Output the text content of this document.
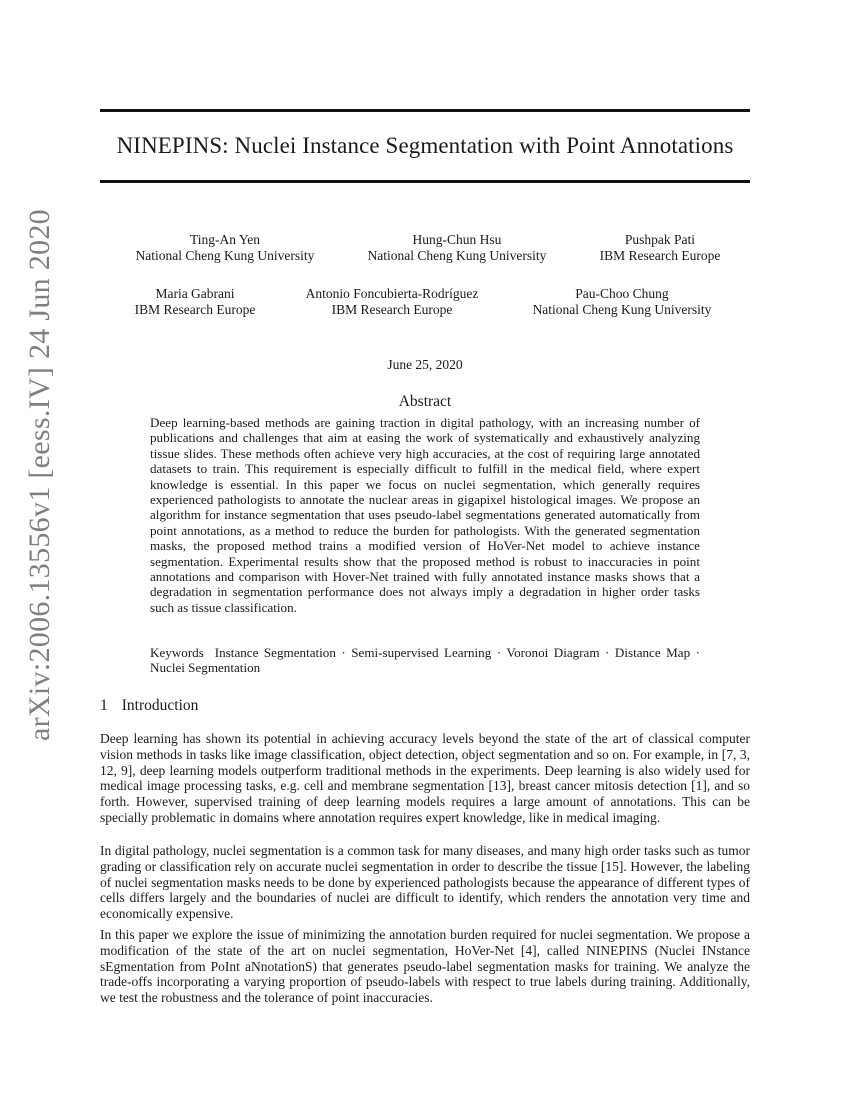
arXiv:2006.13556v1 [eess.IV] 24 Jun 2020
NINEPINS: Nuclei Instance Segmentation with Point Annotations
Ting-An Yen
National Cheng Kung University
Hung-Chun Hsu
National Cheng Kung University
Pushpak Pati
IBM Research Europe
Maria Gabrani
IBM Research Europe
Antonio Foncubierta-Rodríguez
IBM Research Europe
Pau-Choo Chung
National Cheng Kung University
June 25, 2020
Abstract

Deep learning-based methods are gaining traction in digital pathology, with an increasing number of publications and challenges that aim at easing the work of systematically and exhaustively analyzing tissue slides. These methods often achieve very high accuracies, at the cost of requiring large annotated datasets to train. This requirement is especially difficult to fulfill in the medical field, where expert knowledge is essential. In this paper we focus on nuclei segmentation, which generally requires experienced pathologists to annotate the nuclear areas in gigapixel histological images. We propose an algorithm for instance segmentation that uses pseudo-label segmentations generated automatically from point annotations, as a method to reduce the burden for pathologists. With the generated segmentation masks, the proposed method trains a modified version of HoVer-Net model to achieve instance segmentation. Experimental results show that the proposed method is robust to inaccuracies in point annotations and comparison with Hover-Net trained with fully annotated instance masks shows that a degradation in segmentation performance does not always imply a degradation in higher order tasks such as tissue classification.

Keywords Instance Segmentation · Semi-supervised Learning · Voronoi Diagram · Distance Map · Nuclei Segmentation

1 Introduction

Deep learning has shown its potential in achieving accuracy levels beyond the state of the art of classical computer vision methods in tasks like image classification, object detection, object segmentation and so on. For example, in [7, 3, 12, 9], deep learning models outperform traditional methods in the experiments. Deep learning is also widely used for medical image processing tasks, e.g. cell and membrane segmentation [13], breast cancer mitosis detection [1], and so forth. However, supervised training of deep learning models requires a large amount of annotations. This can be specially problematic in domains where annotation requires expert knowledge, like in medical imaging.

In digital pathology, nuclei segmentation is a common task for many diseases, and many high order tasks such as tumor grading or classification rely on accurate nuclei segmentation in order to describe the tissue [15]. However, the labeling of nuclei segmentation masks needs to be done by experienced pathologists because the appearance of different types of cells differs largely and the boundaries of nuclei are difficult to identify, which renders the annotation very time and economically expensive.

In this paper we explore the issue of minimizing the annotation burden required for nuclei segmentation. We propose a modification of the state of the art on nuclei segmentation, HoVer-Net [4], called NINEPINS (Nuclei INstance sEgmentation from PoInt aNnotationS) that generates pseudo-label segmentation masks for training. We analyze the trade-offs incorporating a varying proportion of pseudo-labels with respect to true labels during training. Additionally, we test the robustness and the tolerance of point inaccuracies.
